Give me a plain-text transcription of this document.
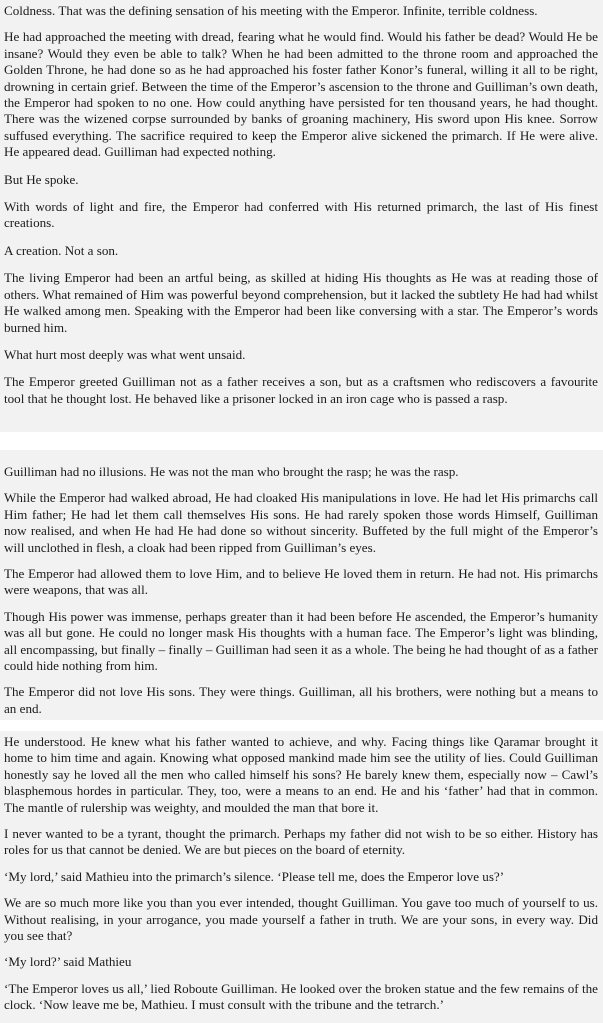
Coldness. That was the defining sensation of his meeting with the Emperor. Infinite, terrible coldness.

He had approached the meeting with dread, fearing what he would find. Would his father be dead? Would He be insane? Would they even be able to talk? When he had been admitted to the throne room and approached the Golden Throne, he had done so as he had approached his foster father Konor’s funeral, willing it all to be right, drowning in certain grief. Between the time of the Emperor’s ascension to the throne and Guilliman’s own death, the Emperor had spoken to no one. How could anything have persisted for ten thousand years, he had thought. There was the wizened corpse surrounded by banks of groaning machinery, His sword upon His knee. Sorrow suffused everything. The sacrifice required to keep the Emperor alive sickened the primarch. If He were alive. He appeared dead. Guilliman had expected nothing.

But He spoke.

With words of light and fire, the Emperor had conferred with His returned primarch, the last of His finest creations.

A creation. Not a son.

The living Emperor had been an artful being, as skilled at hiding His thoughts as He was at reading those of others. What remained of Him was powerful beyond comprehension, but it lacked the subtlety He had had whilst He walked among men. Speaking with the Emperor had been like conversing with a star. The Emperor’s words burned him.

What hurt most deeply was what went unsaid.

The Emperor greeted Guilliman not as a father receives a son, but as a craftsmen who rediscovers a favourite tool that he thought lost. He behaved like a prisoner locked in an iron cage who is passed a rasp.

Guilliman had no illusions. He was not the man who brought the rasp; he was the rasp.

While the Emperor had walked abroad, He had cloaked His manipulations in love. He had let His primarchs call Him father; He had let them call themselves His sons. He had rarely spoken those words Himself, Guilliman now realised, and when He had He had done so without sincerity. Buffeted by the full might of the Emperor’s will unclothed in flesh, a cloak had been ripped from Guilliman’s eyes.

The Emperor had allowed them to love Him, and to believe He loved them in return. He had not. His primarchs were weapons, that was all.

Though His power was immense, perhaps greater than it had been before He ascended, the Emperor’s humanity was all but gone. He could no longer mask His thoughts with a human face. The Emperor’s light was blinding, all encompassing, but finally – finally – Guilliman had seen it as a whole. The being he had thought of as a father could hide nothing from him.

The Emperor did not love His sons. They were things. Guilliman, all his brothers, were nothing but a means to an end.

He understood. He knew what his father wanted to achieve, and why. Facing things like Qaramar brought it home to him time and again. Knowing what opposed mankind made him see the utility of lies. Could Guilliman honestly say he loved all the men who called himself his sons? He barely knew them, especially now – Cawl’s blasphemous hordes in particular. They, too, were a means to an end. He and his ‘father’ had that in common. The mantle of rulership was weighty, and moulded the man that bore it.

I never wanted to be a tyrant, thought the primarch. Perhaps my father did not wish to be so either. History has roles for us that cannot be denied. We are but pieces on the board of eternity.

‘My lord,’ said Mathieu into the primarch’s silence. ‘Please tell me, does the Emperor love us?’

We are so much more like you than you ever intended, thought Guilliman. You gave too much of yourself to us. Without realising, in your arrogance, you made yourself a father in truth. We are your sons, in every way. Did you see that?

‘My lord?’ said Mathieu

‘The Emperor loves us all,’ lied Roboute Guilliman. He looked over the broken statue and the few remains of the clock. ‘Now leave me be, Mathieu. I must consult with the tribune and the tetrarch.’
